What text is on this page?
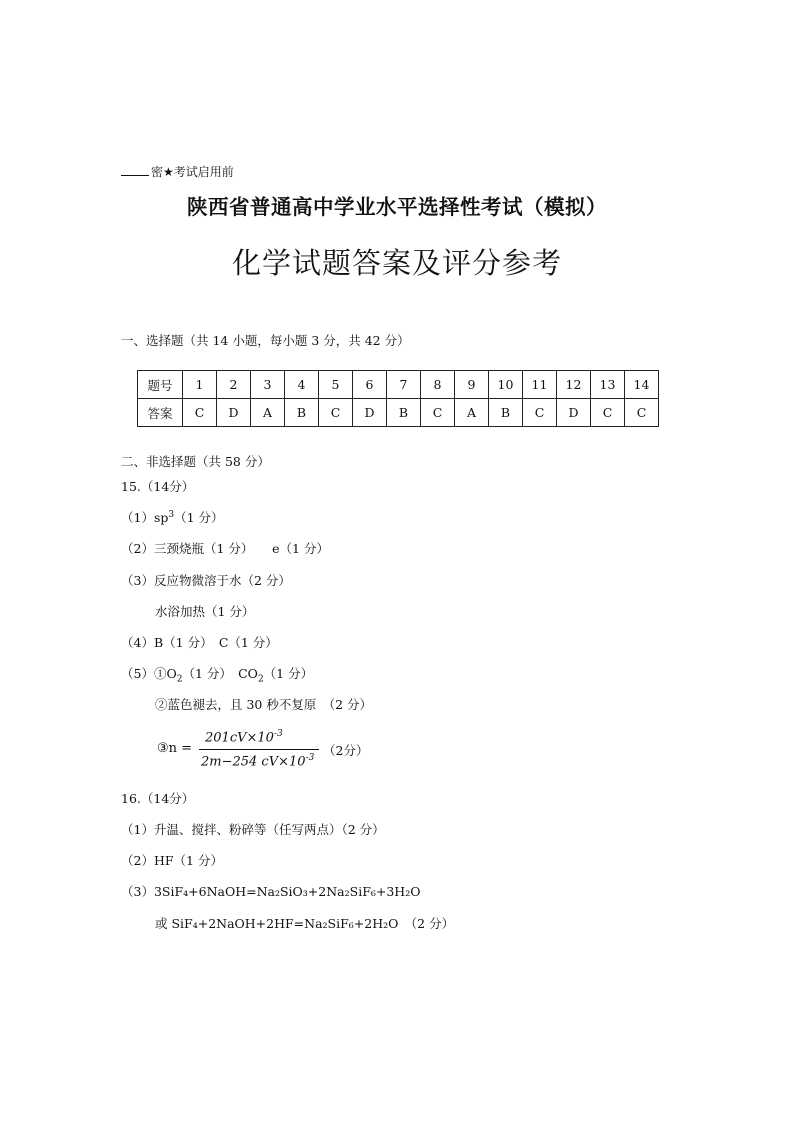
密★考试启用前
陕西省普通高中学业水平选择性考试（模拟）
化学试题答案及评分参考
一、选择题（共 14 小题，每小题 3 分，共 42 分）
题号	1	2	3	4	5	6	7	8	9	10	11	12	13	14
答案	C	D	A	B	C	D	B	C	A	B	C	D	C	C
二、非选择题（共 58 分）
15.（14分）
$(1)sp^3(1$ 分）
（2）三颈烧瓶（1 分）　　e（1 分）
（3）反应物微溶于水（2 分）
水浴加热（1 分）
（4）B（1 分）　C（1 分）
$(5)①O_2(1$ 分）　$CO_2(1$ 分）
②蓝色褪去，且 30 秒不复原　（2 分）
③n =
$201cV\times 10^{-3}$
2m−254 $cV\times 10^{-3}$ （2分）
16.（14分）
（1）升温、搅拌、粉碎等（任写两点）（2 分）
（2）HF（1 分）
（3）3SiF₄+6NaOH=Na₂SiO₃+2Na₂SiF₆+3H₂O
或 SiF₄+2NaOH+2HF=Na₂SiF₆+2H₂O　（2 分）
